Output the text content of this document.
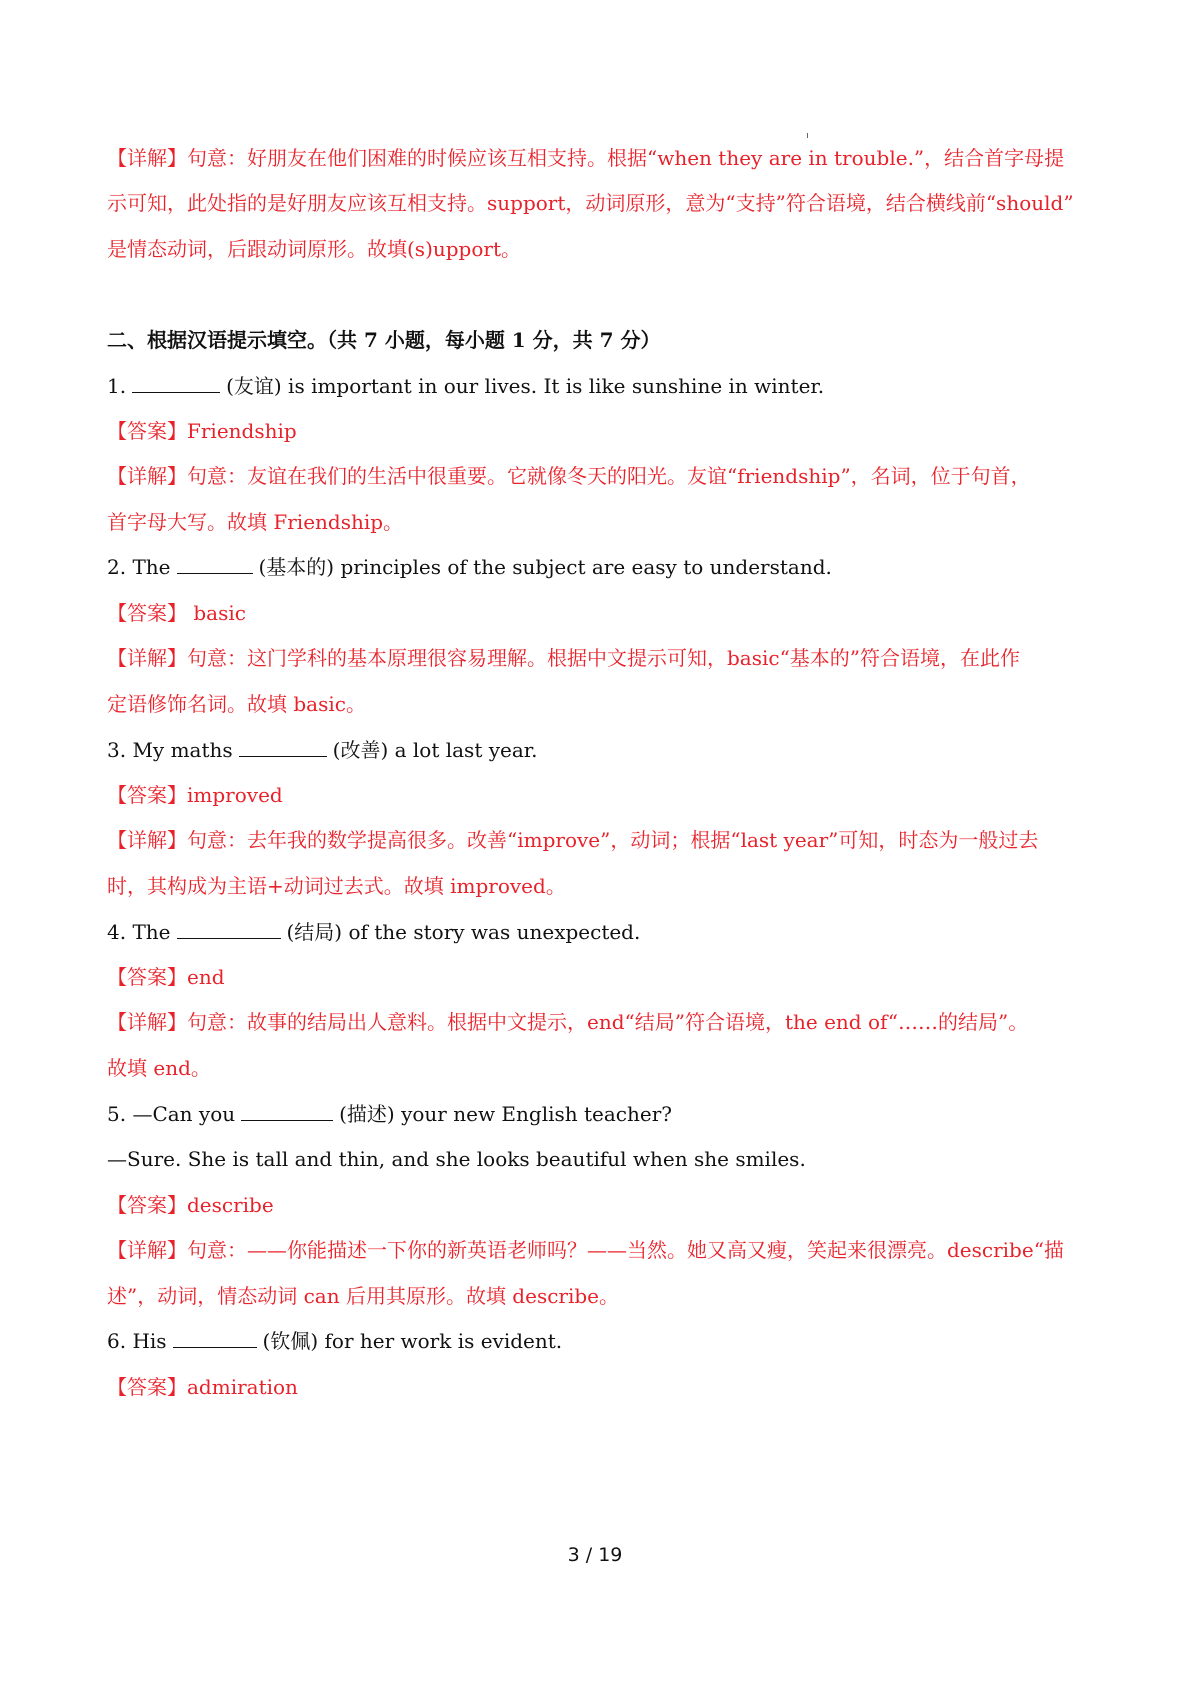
【详解】句意：好朋友在他们困难的时候应该互相支持。根据“when they are in trouble.”，结合首字母提
示可知，此处指的是好朋友应该互相支持。support，动词原形，意为“支持”符合语境，结合横线前“should”
是情态动词，后跟动词原形。故填(s)upport。
二、根据汉语提示填空。（共 7 小题，每小题 1 分，共 7 分）
1.	(友谊) is important in our lives. It is like sunshine in winter.
【答案】Friendship
【详解】句意：友谊在我们的生活中很重要。它就像冬天的阳光。友谊“friendship”，名词，位于句首，
首字母大写。故填 Friendship。
2. The	(基本的) principles of the subject are easy to understand.
【答案】 basic
【详解】句意：这门学科的基本原理很容易理解。根据中文提示可知，basic“基本的”符合语境，在此作
定语修饰名词。故填 basic。
3. My maths	(改善) a lot last year.
【答案】improved
【详解】句意：去年我的数学提高很多。改善“improve”，动词；根据“last year”可知，时态为一般过去
时，其构成为主语+动词过去式。故填 improved。
4. The	(结局) of the story was unexpected.
【答案】end
【详解】句意：故事的结局出人意料。根据中文提示，end“结局”符合语境，the end of“……的结局”。
故填 end。
5. —Can you	(描述) your new English teacher?
—Sure. She is tall and thin, and she looks beautiful when she smiles.
【答案】describe
【详解】句意：——你能描述一下你的新英语老师吗？——当然。她又高又瘦，笑起来很漂亮。describe“描
述”，动词，情态动词 can 后用其原形。故填 describe。
6. His	(钦佩) for her work is evident.
【答案】admiration
3 / 19
